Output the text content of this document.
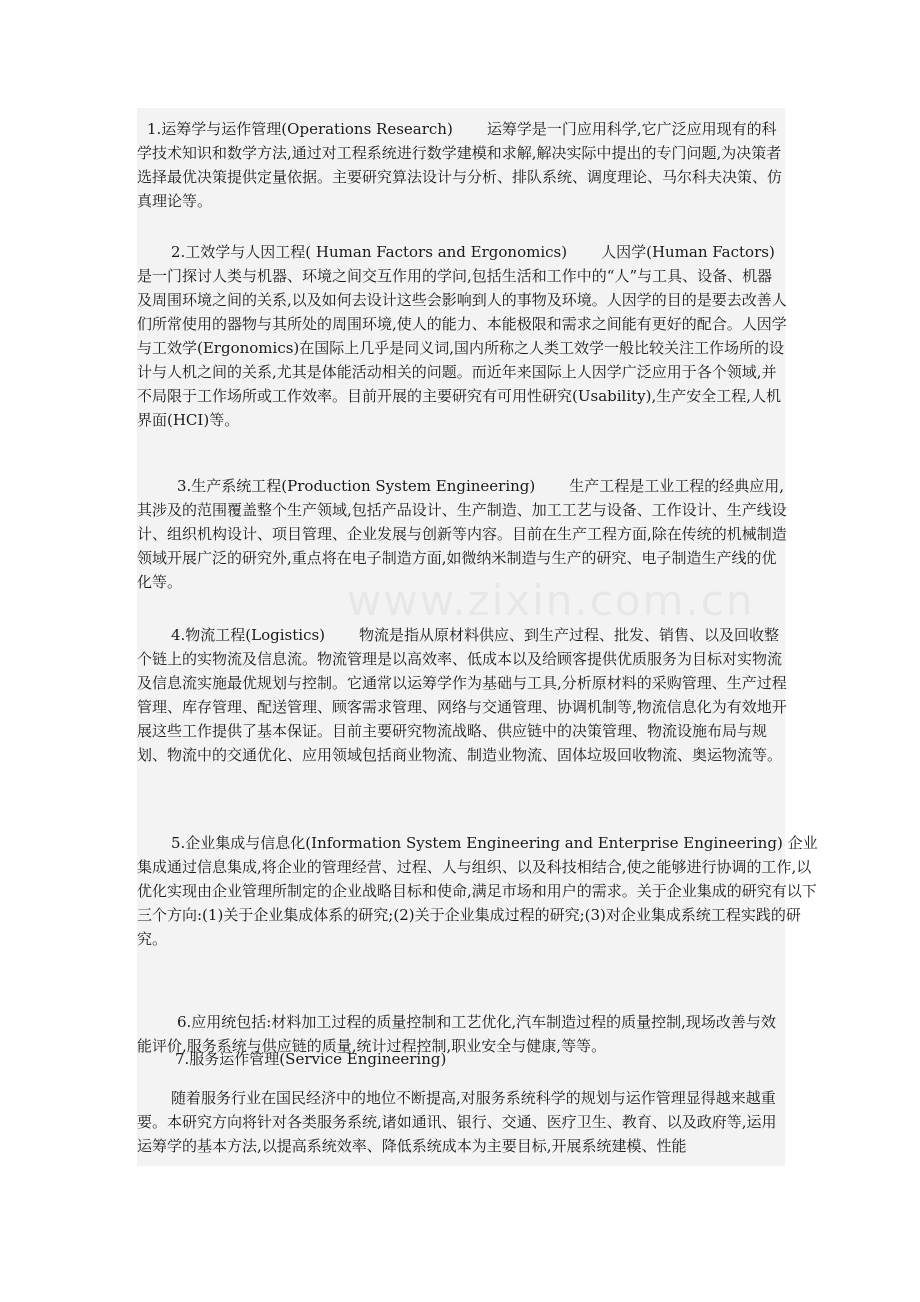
1.运筹学与运作管理(Operations Research) 运筹学是一门应用科学,它广泛应用现有的科学技术知识和数学方法,通过对工程系统进行数学建模和求解,解决实际中提出的专门问题,为决策者选择最优决策提供定量依据。主要研究算法设计与分析、排队系统、调度理论、马尔科夫决策、仿真理论等。

2.工效学与人因工程( Human Factors and Ergonomics) 人因学(Human Factors)是一门探讨人类与机器、环境之间交互作用的学问,包括生活和工作中的“人”与工具、设备、机器及周围环境之间的关系,以及如何去设计这些会影响到人的事物及环境。人因学的目的是要去改善人们所常使用的器物与其所处的周围环境,使人的能力、本能极限和需求之间能有更好的配合。人因学与工效学(Ergonomics)在国际上几乎是同义词,国内所称之人类工效学一般比较关注工作场所的设计与人机之间的关系,尤其是体能活动相关的问题。而近年来国际上人因学广泛应用于各个领域,并不局限于工作场所或工作效率。目前开展的主要研究有可用性研究(Usability),生产安全工程,人机界面(HCI)等。

3.生产系统工程(Production System Engineering) 生产工程是工业工程的经典应用,其涉及的范围覆盖整个生产领域,包括产品设计、生产制造、加工工艺与设备、工作设计、生产线设计、组织机构设计、项目管理、企业发展与创新等内容。目前在生产工程方面,除在传统的机械制造领域开展广泛的研究外,重点将在电子制造方面,如微纳米制造与生产的研究、电子制造生产线的优化等。

4.物流工程(Logistics) 物流是指从原材料供应、到生产过程、批发、销售、以及回收整个链上的实物流及信息流。物流管理是以高效率、低成本以及给顾客提供优质服务为目标对实物流及信息流实施最优规划与控制。它通常以运筹学作为基础与工具,分析原材料的采购管理、生产过程管理、库存管理、配送管理、顾客需求管理、网络与交通管理、协调机制等,物流信息化为有效地开展这些工作提供了基本保证。目前主要研究物流战略、供应链中的决策管理、物流设施布局与规划、物流中的交通优化、应用领域包括商业物流、制造业物流、固体垃圾回收物流、奥运物流等。

5.企业集成与信息化(Information System Engineering and Enterprise Engineering) 企业集成通过信息集成,将企业的管理经营、过程、人与组织、以及科技相结合,使之能够进行协调的工作,以优化实现由企业管理所制定的企业战略目标和使命,满足市场和用户的需求。关于企业集成的研究有以下三个方向:(1)关于企业集成体系的研究;(2)关于企业集成过程的研究;(3)对企业集成系统工程实践的研究。

6.应用统包括:材料加工过程的质量控制和工艺优化,汽车制造过程的质量控制,现场改善与效能评价,服务系统与供应链的质量,统计过程控制,职业安全与健康,等等。

7.服务运作管理(Service Engineering)

随着服务行业在国民经济中的地位不断提高,对服务系统科学的规划与运作管理显得越来越重要。本研究方向将针对各类服务系统,诸如通讯、银行、交通、医疗卫生、教育、以及政府等,运用运筹学的基本方法,以提高系统效率、降低系统成本为主要目标,开展系统建模、性能
